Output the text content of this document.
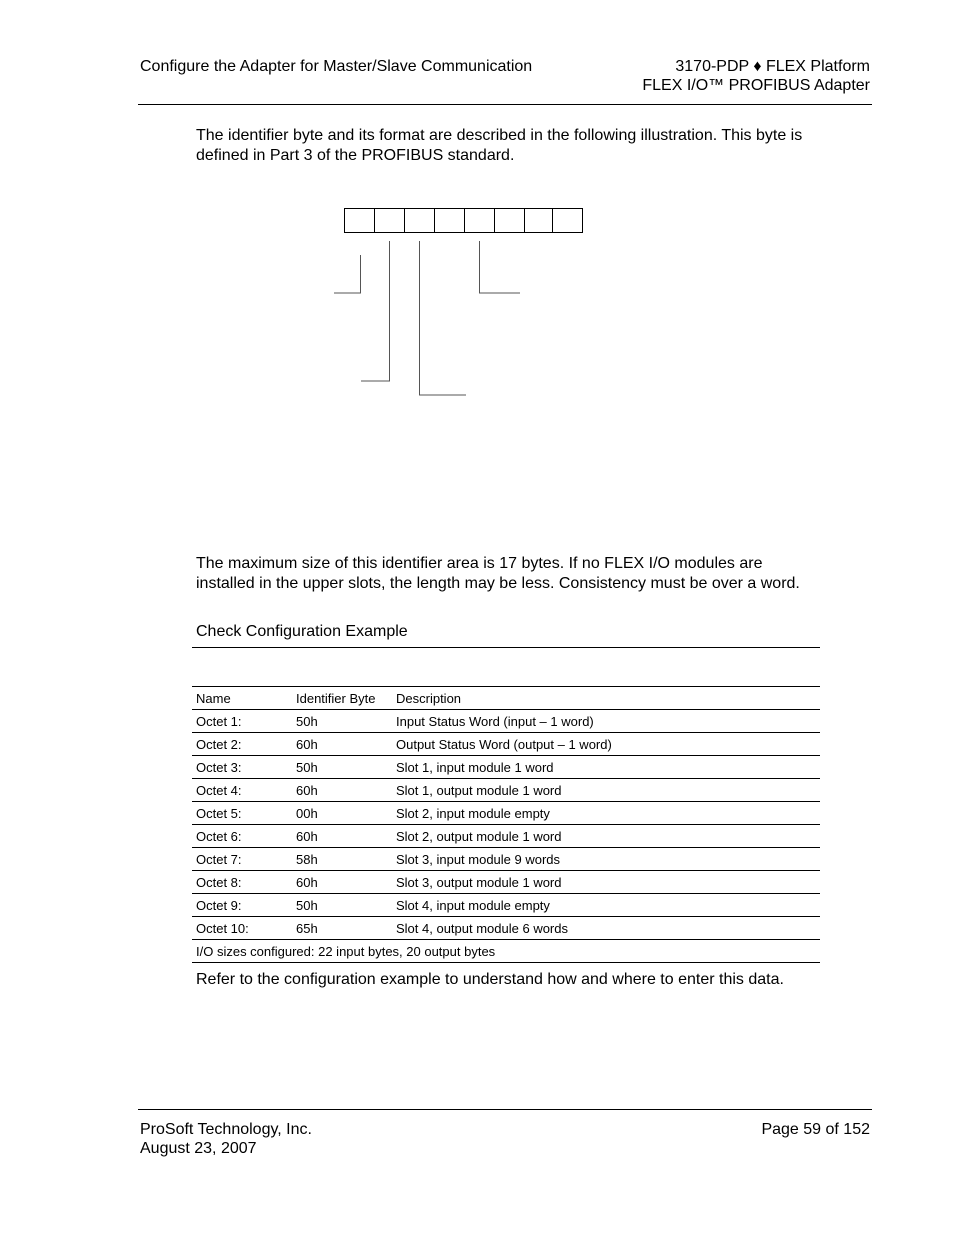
Configure the Adapter for Master/Slave Communication	3170-PDP ♦ FLEX Platform
FLEX I/O™ PROFIBUS Adapter
The identifier byte and its format are described in the following illustration. This byte is defined in Part 3 of the PROFIBUS standard.
The maximum size of this identifier area is 17 bytes. If no FLEX I/O modules are installed in the upper slots, the length may be less. Consistency must be over a word.
Check Configuration Example
Name	Identifier Byte	Description
Octet 1:	50h	Input Status Word (input – 1 word)
Octet 2:	60h	Output Status Word (output – 1 word)
Octet 3:	50h	Slot 1, input module 1 word
Octet 4:	60h	Slot 1, output module 1 word
Octet 5:	00h	Slot 2, input module empty
Octet 6:	60h	Slot 2, output module 1 word
Octet 7:	58h	Slot 3, input module 9 words
Octet 8:	60h	Slot 3, output module 1 word
Octet 9:	50h	Slot 4, input module empty
Octet 10:	65h	Slot 4, output module 6 words
I/O sizes configured: 22 input bytes, 20 output bytes		
Refer to the configuration example to understand how and where to enter this data.
ProSoft Technology, Inc.
August 23, 2007
Page 59 of 152
